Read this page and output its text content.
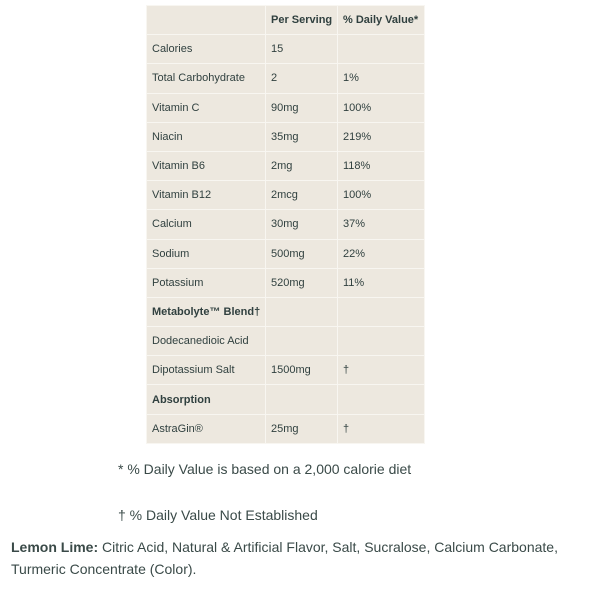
	Per Serving	% Daily Value*
Calories	15	
Total Carbohydrate	2	1%
Vitamin C	90mg	100%
Niacin	35mg	219%
Vitamin B6	2mg	118%
Vitamin B12	2mcg	100%
Calcium	30mg	37%
Sodium	500mg	22%
Potassium	520mg	11%
Metabolyte™ Blend†		
Dodecanedioic Acid		
Dipotassium Salt	1500mg	†
Absorption		
AstraGin®	25mg	†
* % Daily Value is based on a 2,000 calorie diet
† % Daily Value Not Established
Lemon Lime: Citric Acid, Natural & Artificial Flavor, Salt, Sucralose, Calcium Carbonate, Turmeric Concentrate (Color).
